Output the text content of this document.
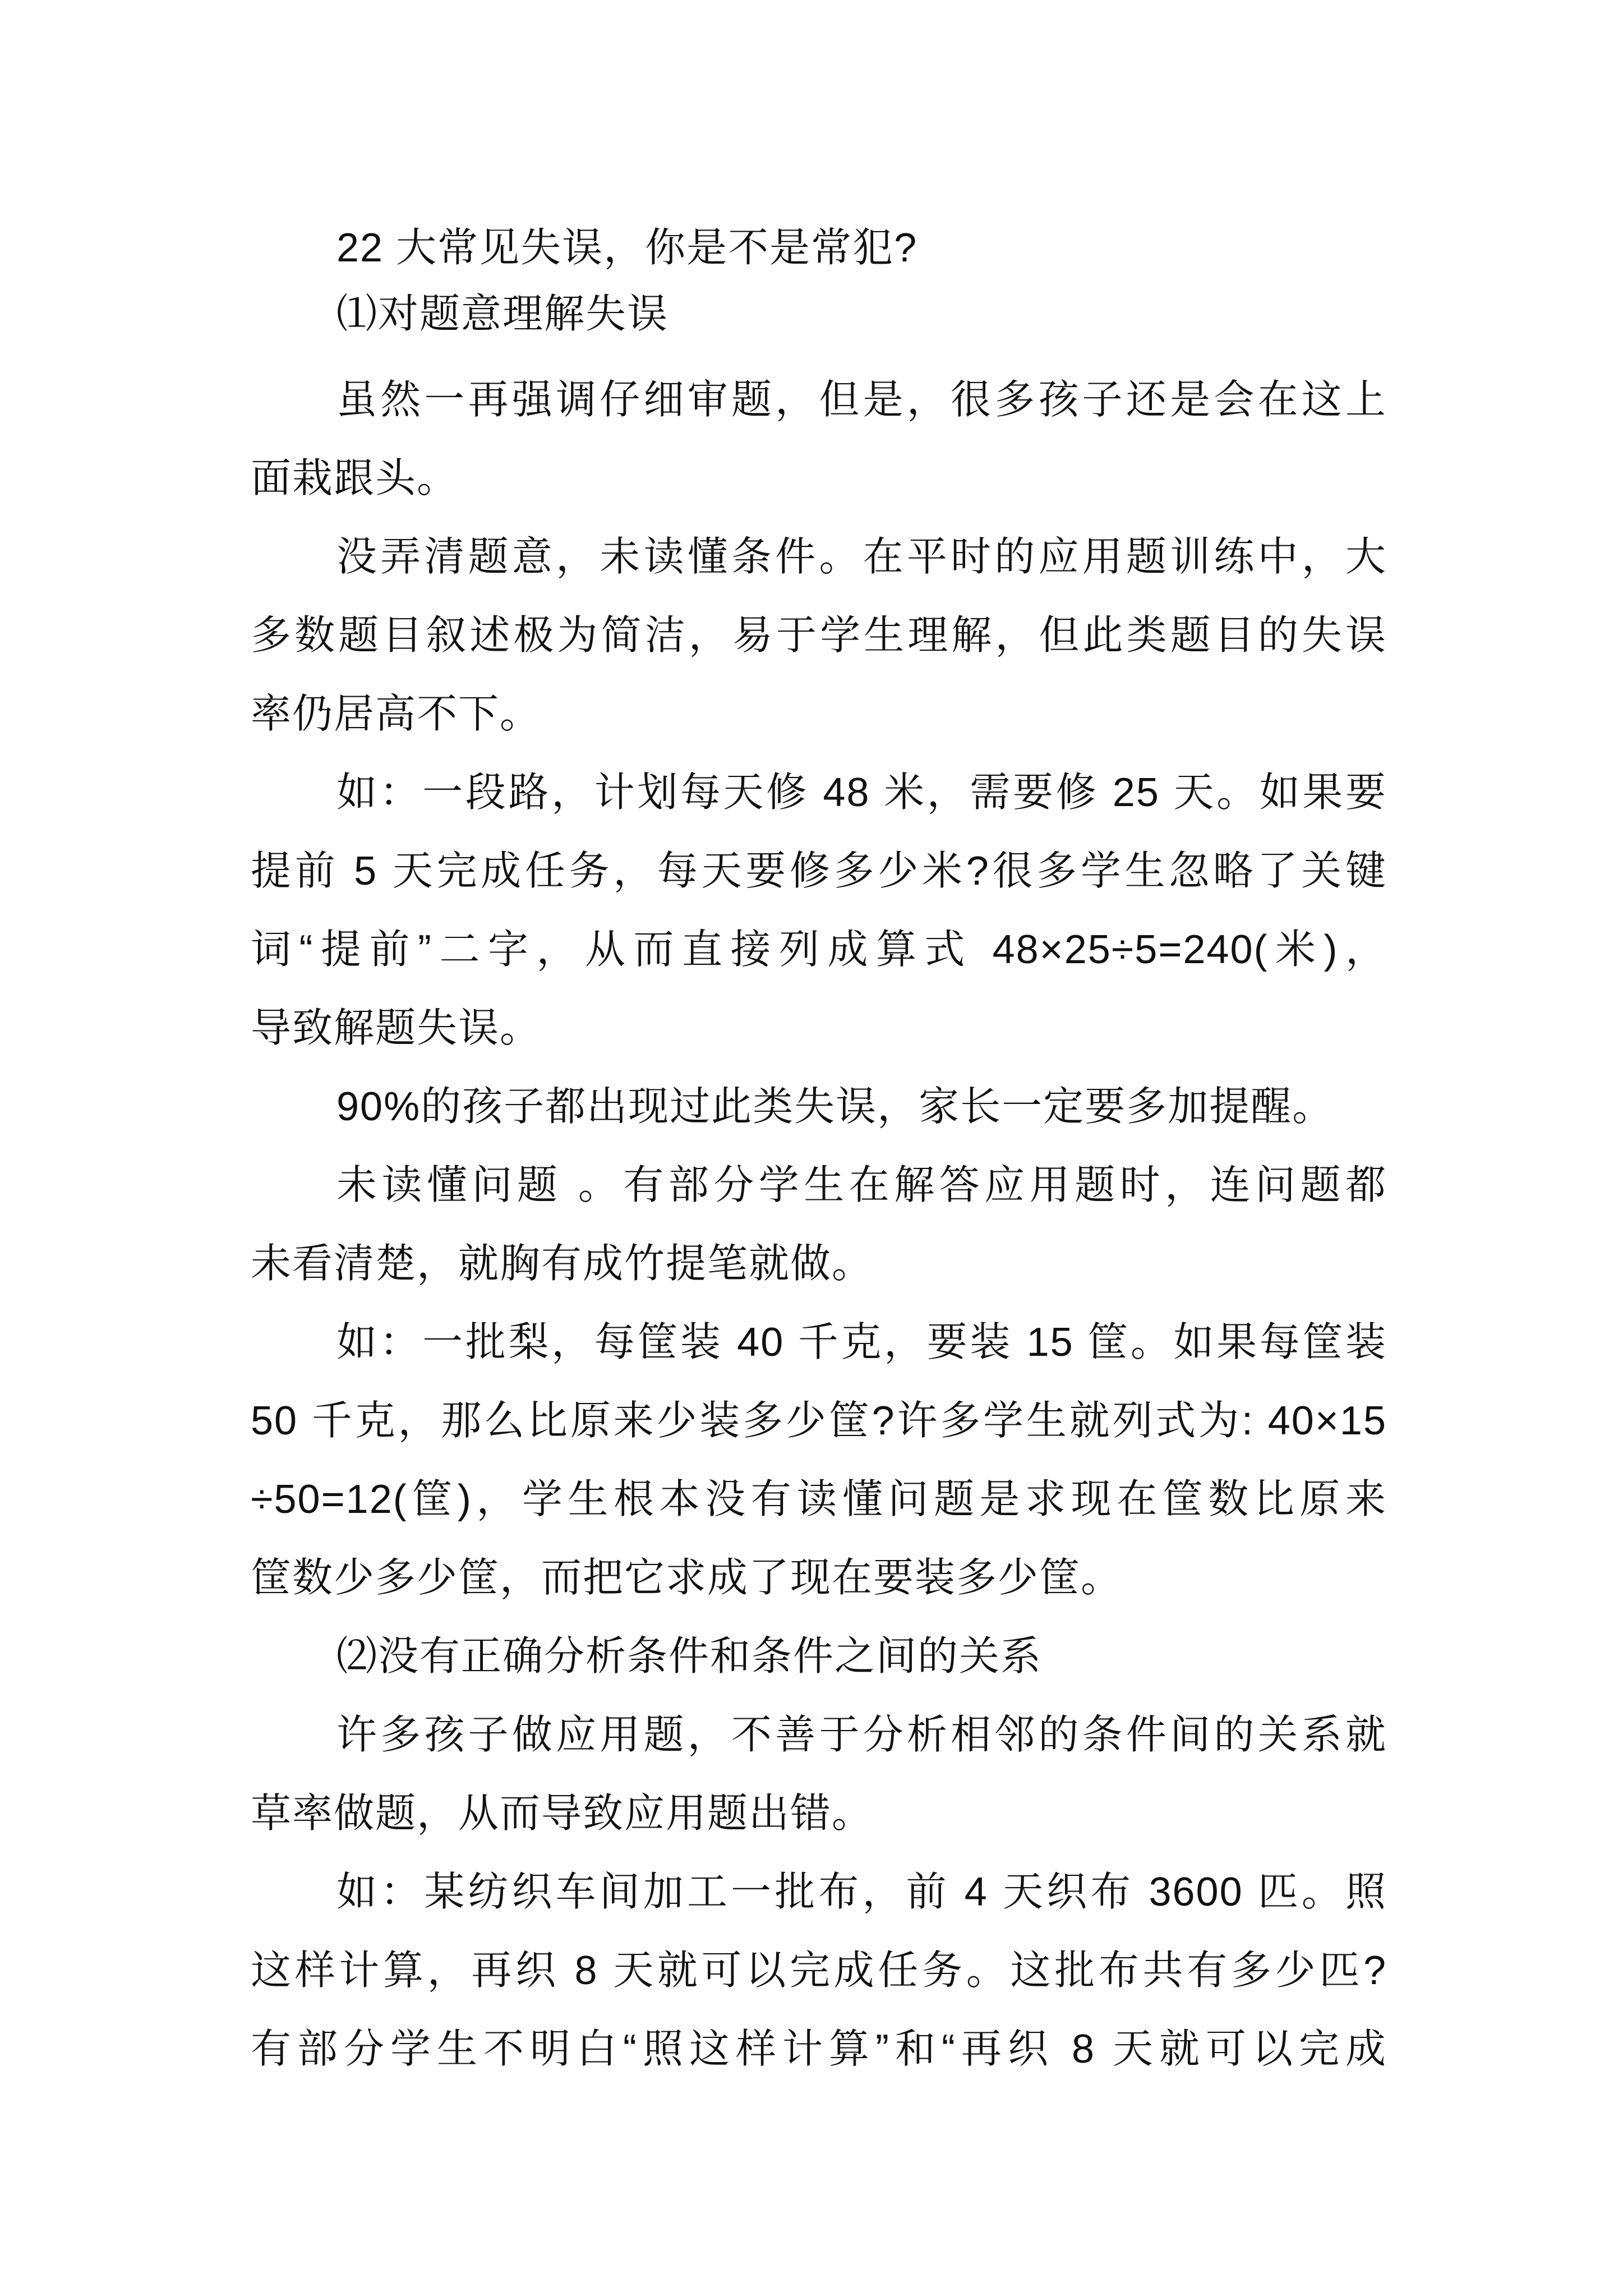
22 大常见失误，你是不是常犯?
⑴对题意理解失误
虽然一再强调仔细审题，但是，很多孩子还是会在这上
面栽跟头。
没弄清题意，未读懂条件。在平时的应用题训练中，大
多数题目叙述极为简洁，易于学生理解，但此类题目的失误
率仍居高不下。
如：一段路，计划每天修 48 米，需要修 25 天。如果要
提前 5 天完成任务，每天要修多少米?很多学生忽略了关键
词“提前”二字，从而直接列成算式 48×25÷5=240(米)，
导致解题失误。
90%的孩子都出现过此类失误，家长一定要多加提醒。
未读懂问题 。有部分学生在解答应用题时，连问题都
未看清楚，就胸有成竹提笔就做。
如：一批梨，每筐装 40 千克，要装 15 筐。如果每筐装
50 千克，那么比原来少装多少筐?许多学生就列式为: 40×15
÷50=12(筐)，学生根本没有读懂问题是求现在筐数比原来
筐数少多少筐，而把它求成了现在要装多少筐。
⑵没有正确分析条件和条件之间的关系
许多孩子做应用题，不善于分析相邻的条件间的关系就
草率做题，从而导致应用题出错。
如：某纺织车间加工一批布，前 4 天织布 3600 匹。照
这样计算，再织 8 天就可以完成任务。这批布共有多少匹?
有部分学生不明白“照这样计算”和“再织 8 天就可以完成
